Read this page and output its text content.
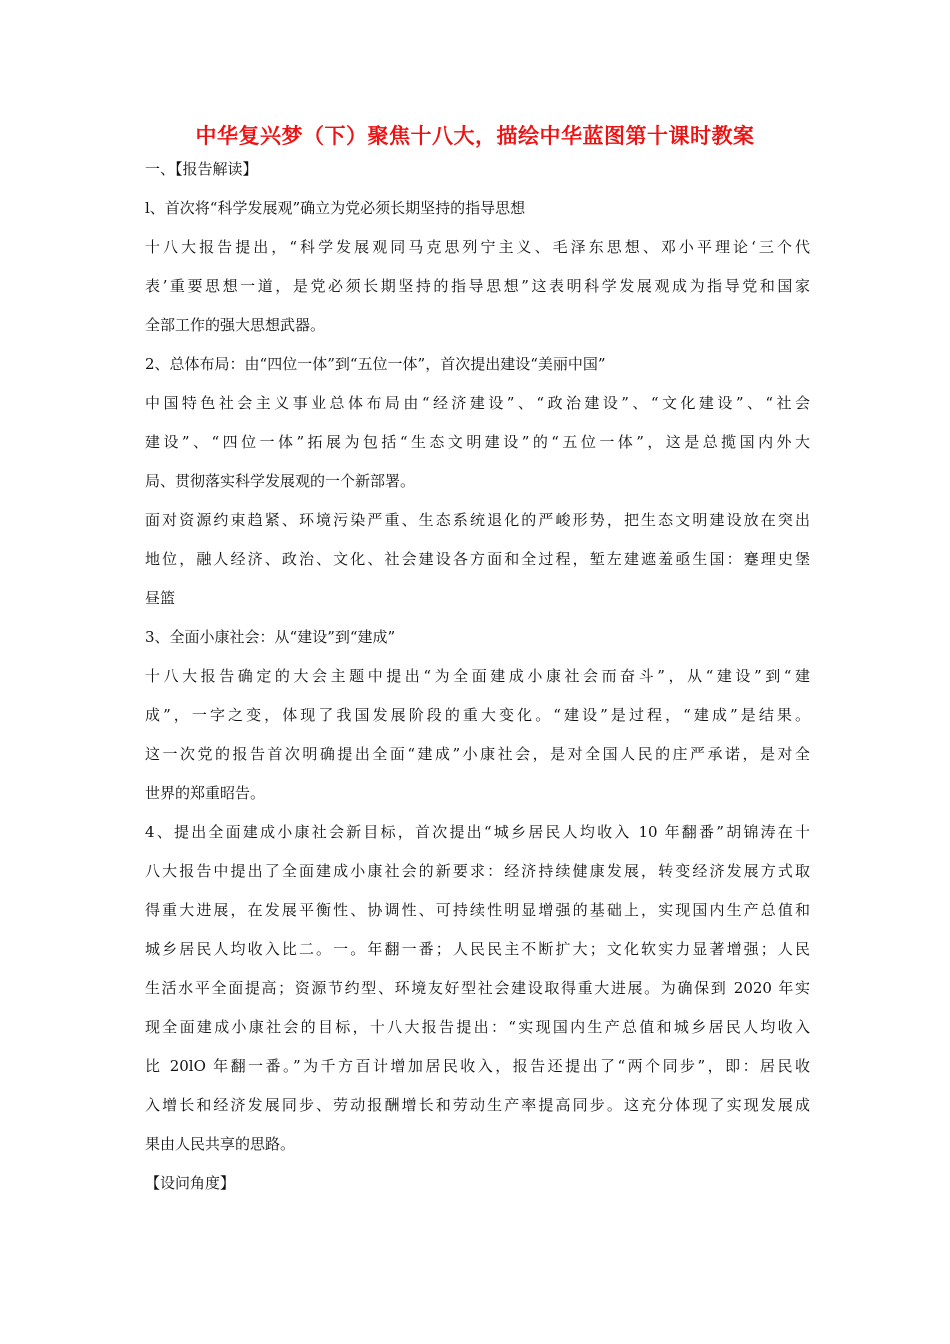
中华复兴梦（下）聚焦十八大，描绘中华蓝图第十课时教案
一、【报告解读】
l、首次将“科学发展观”确立为党必须长期坚持的指导思想
十八大报告提出，“科学发展观同马克思列宁主义、毛泽东思想、邓小平理论‘三个代
表’重要思想一道，是党必须长期坚持的指导思想”这表明科学发展观成为指导党和国家
全部工作的强大思想武器。
2、总体布局：由“四位一体”到“五位一体”，首次提出建设“美丽中国”
中国特色社会主义事业总体布局由“经济建设”、“政治建设”、“文化建设”、“社会
建设”、“四位一体”拓展为包括“生态文明建设”的“五位一体”，这是总揽国内外大
局、贯彻落实科学发展观的一个新部署。
面对资源约束趋紧、环境污染严重、生态系统退化的严峻形势，把生态文明建设放在突出
地位，融人经济、政治、文化、社会建设各方面和全过程，堑左建遮羞亟生国：蹇理史堡
昼篮
3、全面小康社会：从“建设”到“建成”
十八大报告确定的大会主题中提出“为全面建成小康社会而奋斗”，从“建设”到“建
成”，一字之变，体现了我国发展阶段的重大变化。“建设”是过程，“建成”是结果。
这一次党的报告首次明确提出全面“建成”小康社会，是对全国人民的庄严承诺，是对全
世界的郑重昭告。
4、提出全面建成小康社会新目标，首次提出“城乡居民人均收入 10 年翻番”胡锦涛在十
八大报告中提出了全面建成小康社会的新要求：经济持续健康发展，转变经济发展方式取
得重大进展，在发展平衡性、协调性、可持续性明显增强的基础上，实现国内生产总值和
城乡居民人均收入比二。一。年翻一番；人民民主不断扩大；文化软实力显著增强；人民
生活水平全面提高；资源节约型、环境友好型社会建设取得重大进展。为确保到 2020 年实
现全面建成小康社会的目标，十八大报告提出：“实现国内生产总值和城乡居民人均收入
比 20lO 年翻一番。”为千方百计增加居民收入，报告还提出了“两个同步”，即：居民收
入增长和经济发展同步、劳动报酬增长和劳动生产率提高同步。这充分体现了实现发展成
果由人民共享的思路。
【设问角度】
